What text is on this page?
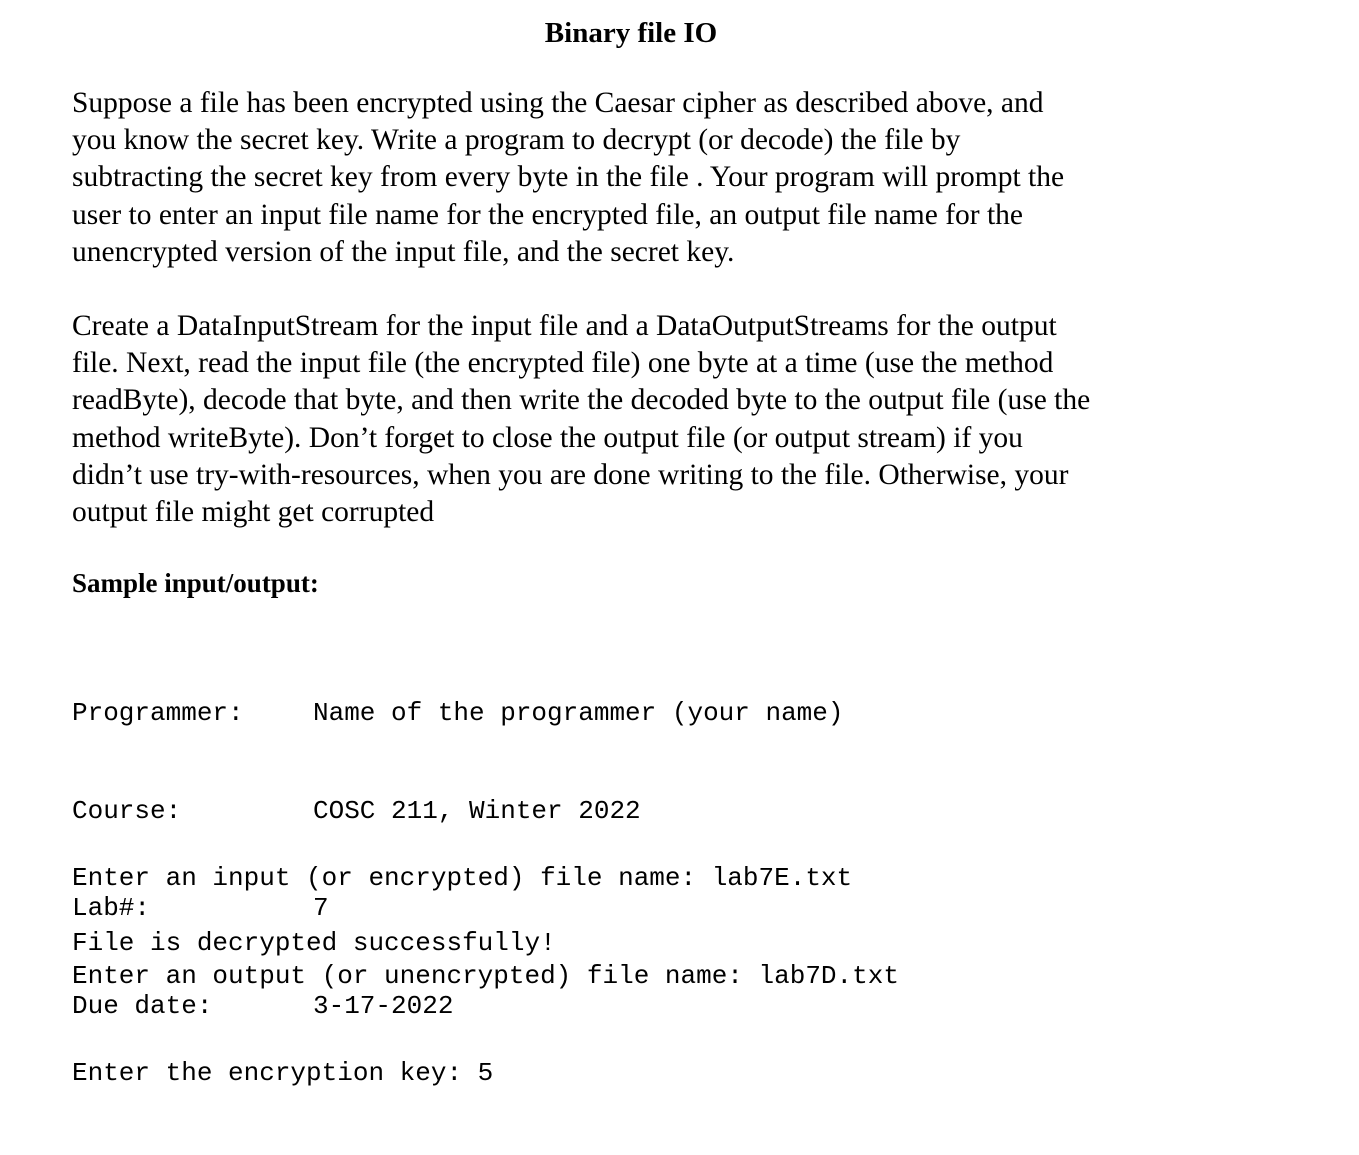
Binary file IO

Suppose a file has been encrypted using the Caesar cipher as described above, and
you know the secret key. Write a program to decrypt (or decode) the file by
subtracting the secret key from every byte in the file . Your program will prompt the
user to enter an input file name for the encrypted file, an output file name for the
unencrypted version of the input file, and the secret key.

Create a DataInputStream for the input file and a DataOutputStreams for the output
file. Next, read the input file (the encrypted file) one byte at a time (use the method
readByte), decode that byte, and then write the decoded byte to the output file (use the
method writeByte). Don’t forget to close the output file (or output stream) if you
didn’t use try-with-resources, when you are done writing to the file. Otherwise, your
output file might get corrupted

Sample input/output:

Programmer:	Name of the programmer (your name)

Course:	COSC 211, Winter 2022

Lab#:	7

Due date:	3-17-2022

Enter an input (or encrypted) file name: lab7E.txt

Enter an output (or unencrypted) file name: lab7D.txt

Enter the encryption key: 5

File is decrypted successfully!
